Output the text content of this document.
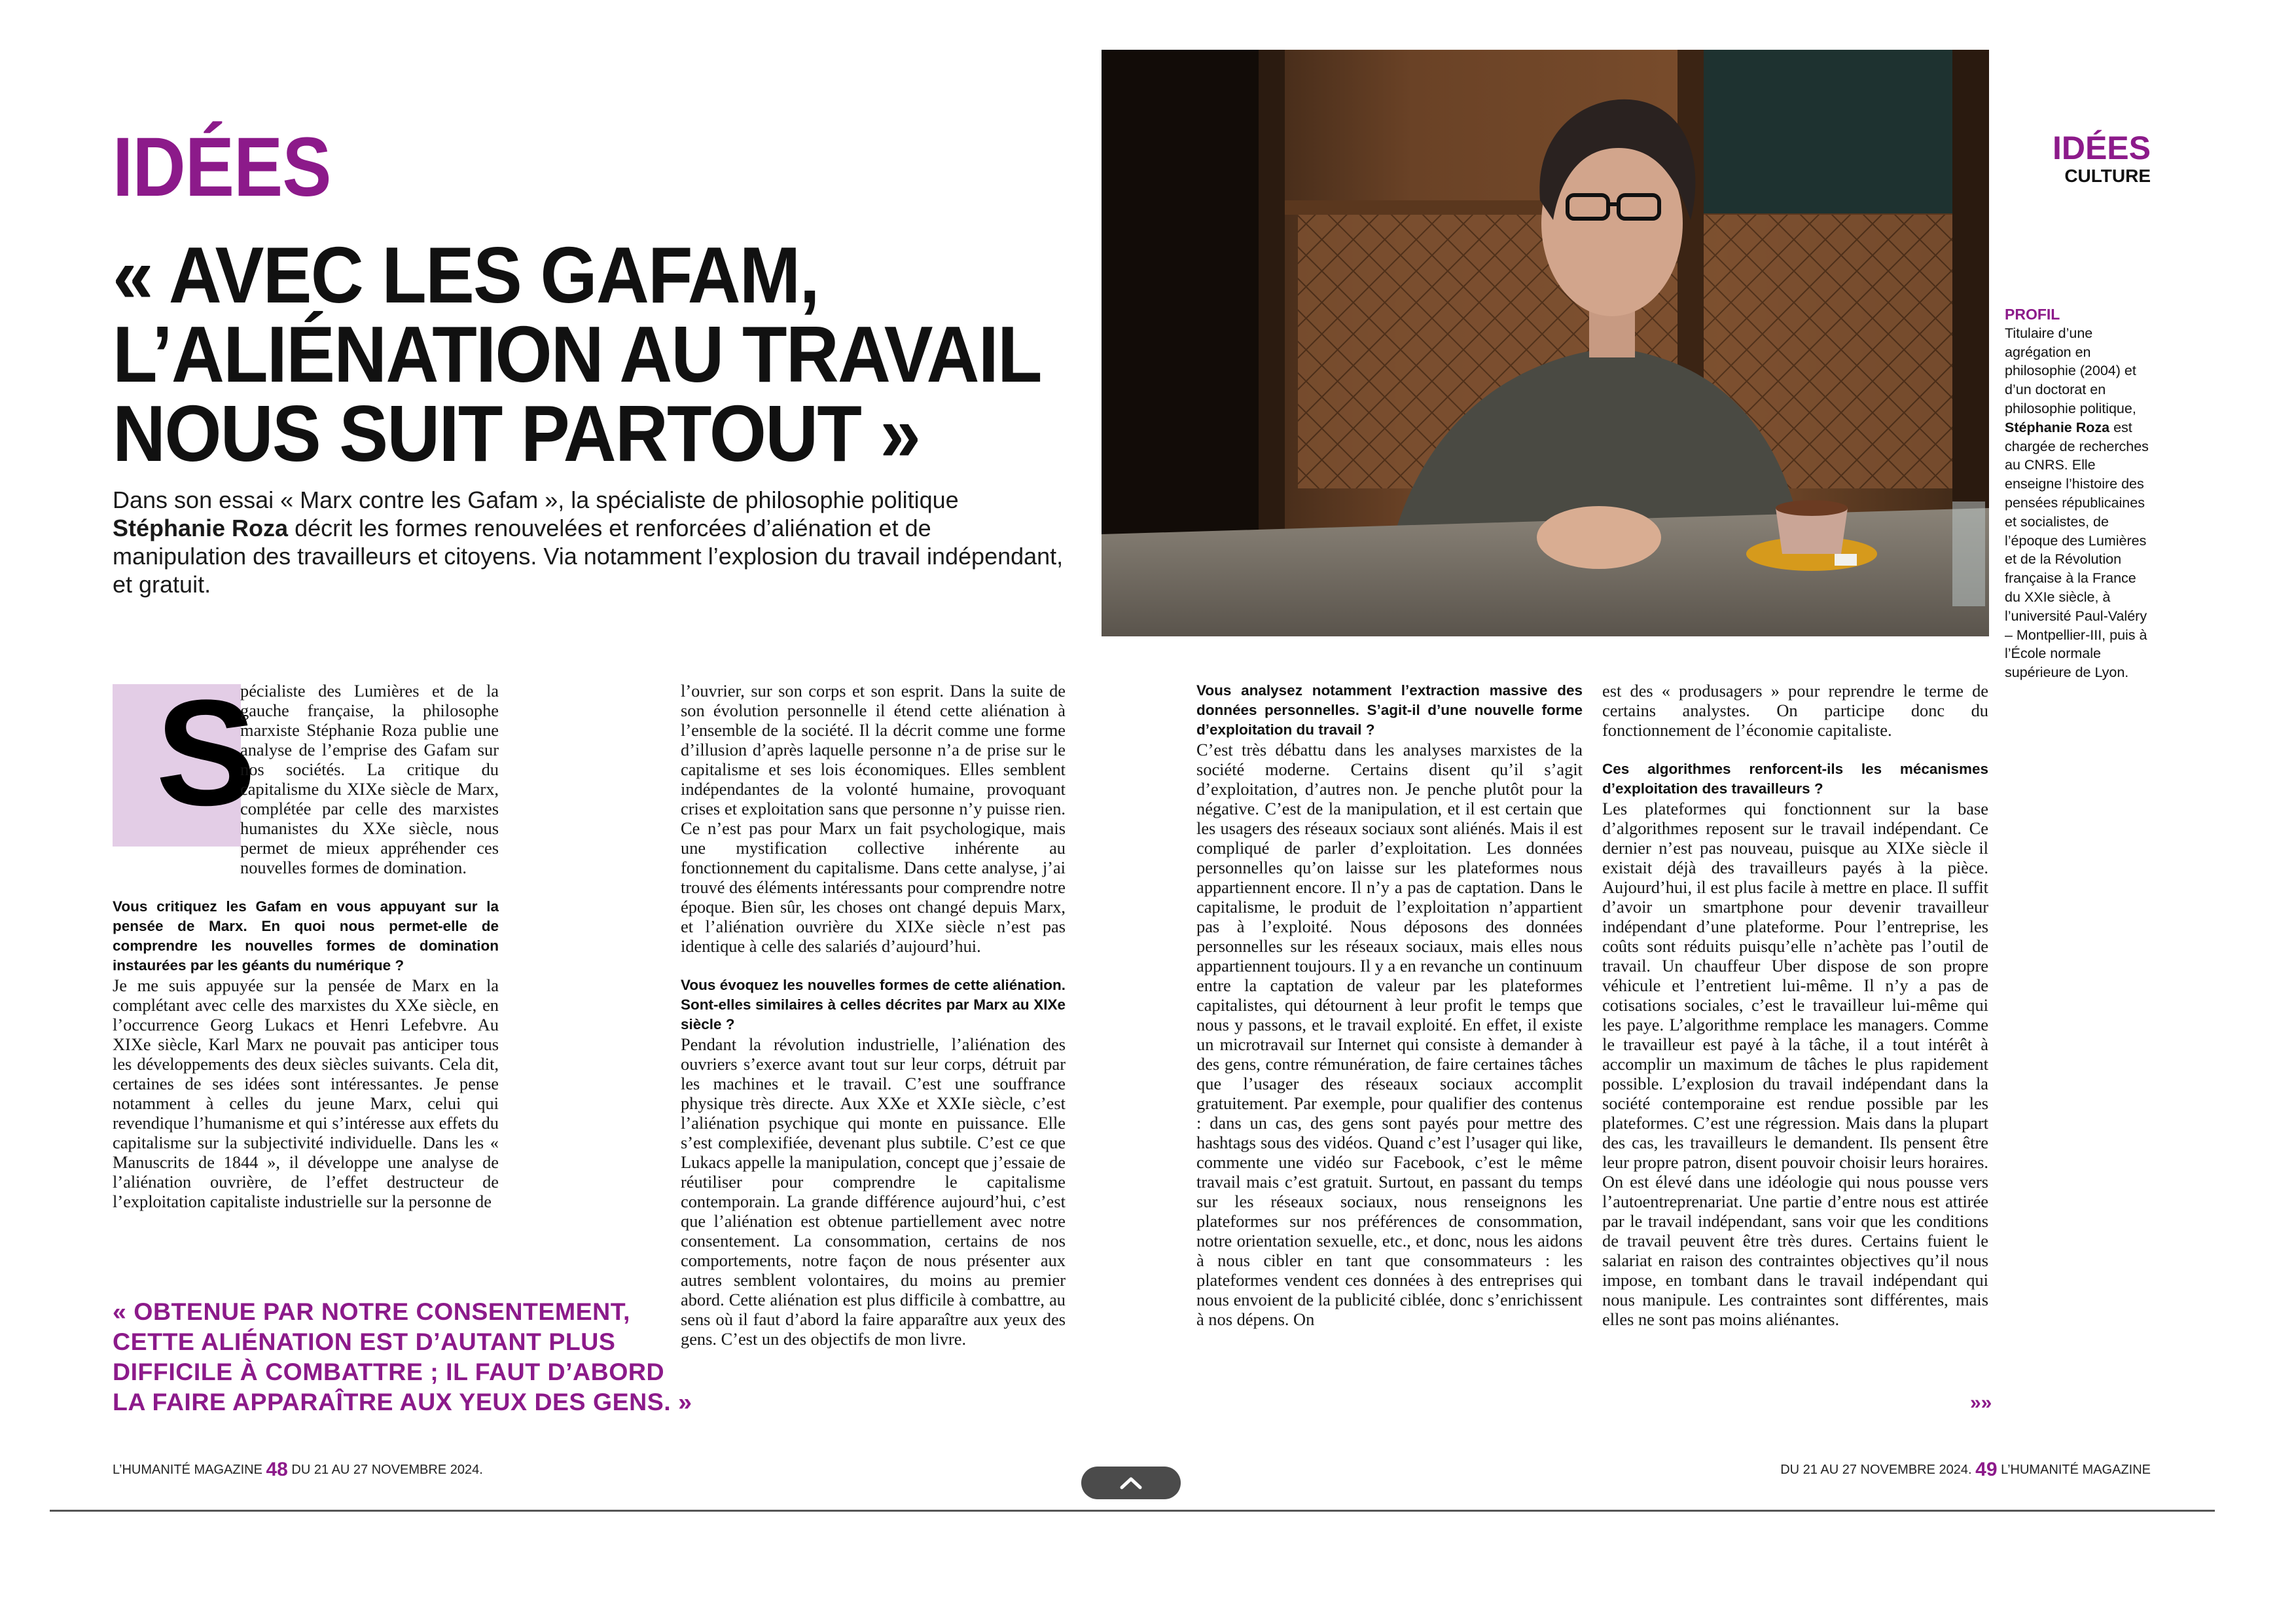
IDÉES
« AVEC LES GAFAM,
L’ALIÉNATION AU TRAVAIL
NOUS SUIT PARTOUT »

Dans son essai « Marx contre les Gafam », la spécialiste de philosophie politique
Stéphanie Roza décrit les formes renouvelées et renforcées d’aliénation et de manipulation des travailleurs et citoyens. Via notamment l’explosion du travail indépendant, et gratuit.

IDÉES
CULTURE
PROFIL
Titulaire d’une agrégation en philosophie (2004) et d’un doctorat en philosophie politique, Stéphanie Roza est chargée de recherches au CNRS. Elle enseigne l’histoire des pensées républicaines et socialistes, de l’époque des Lumières et de la Révolution française à la France du XXIe siècle, à l’université Paul-Valéry – Montpellier-III, puis à l’École normale supérieure de Lyon.
S

pécialiste des Lumières et de la gauche française, la philosophe marxiste Stéphanie Roza publie une analyse de l’emprise des Gafam sur nos sociétés. La critique du capitalisme du XIXe siècle de Marx, complétée par celle des marxistes humanistes du XXe siècle, nous permet de mieux appréhender ces nouvelles formes de domination.

Vous critiquez les Gafam en vous appuyant sur la pensée de Marx. En quoi nous permet-elle de comprendre les nouvelles formes de domination instaurées par les géants du numérique ?

Je me suis appuyée sur la pensée de Marx en la complétant avec celle des marxistes du XXe siècle, en l’occurrence Georg Lukacs et Henri Lefebvre. Au XIXe siècle, Karl Marx ne pouvait pas anticiper tous les développements des deux siècles suivants. Cela dit, certaines de ses idées sont intéressantes. Je pense notamment à celles du jeune Marx, celui qui revendique l’humanisme et qui s’intéresse aux effets du capitalisme sur la subjectivité individuelle. Dans les « Manuscrits de 1844 », il développe une analyse de l’aliénation ouvrière, de l’effet destructeur de l’exploitation capitaliste industrielle sur la personne de

« OBTENUE PAR NOTRE CONSENTEMENT,
CETTE ALIÉNATION EST D’AUTANT PLUS
DIFFICILE À COMBATTRE ; IL FAUT D’ABORD
LA FAIRE APPARAÎTRE AUX YEUX DES GENS. »

l’ouvrier, sur son corps et son esprit. Dans la suite de son évolution personnelle il étend cette aliénation à l’ensemble de la société. Il la décrit comme une forme d’illusion d’après laquelle personne n’a de prise sur le capitalisme et ses lois économiques. Elles semblent indépendantes de la volonté humaine, provoquant crises et exploitation sans que personne n’y puisse rien. Ce n’est pas pour Marx un fait psychologique, mais une mystification collective inhérente au fonctionnement du capitalisme. Dans cette analyse, j’ai trouvé des éléments intéressants pour comprendre notre époque. Bien sûr, les choses ont changé depuis Marx, et l’aliénation ouvrière du XIXe siècle n’est pas identique à celle des salariés d’aujourd’hui.

Vous évoquez les nouvelles formes de cette aliénation. Sont-elles similaires à celles décrites par Marx au XIXe siècle ?

Pendant la révolution industrielle, l’aliénation des ouvriers s’exerce avant tout sur leur corps, détruit par les machines et le travail. C’est une souffrance physique très directe. Aux XXe et XXIe siècle, c’est l’aliénation psychique qui monte en puissance. Elle s’est complexifiée, devenant plus subtile. C’est ce que Lukacs appelle la manipulation, concept que j’essaie de réutiliser pour comprendre le capitalisme contemporain. La grande différence aujourd’hui, c’est que l’aliénation est obtenue partiellement avec notre consentement. La consommation, certains de nos comportements, notre façon de nous présenter aux autres semblent volontaires, du moins au premier abord. Cette aliénation est plus difficile à combattre, au sens où il faut d’abord la faire apparaître aux yeux des gens. C’est un des objectifs de mon livre.

Vous analysez notamment l’extraction massive des données personnelles. S’agit-il d’une nouvelle forme d’exploitation du travail ?

C’est très débattu dans les analyses marxistes de la société moderne. Certains disent qu’il s’agit d’exploitation, d’autres non. Je penche plutôt pour la négative. C’est de la manipulation, et il est certain que les usagers des réseaux sociaux sont aliénés. Mais il est compliqué de parler d’exploitation. Les données personnelles qu’on laisse sur les plateformes nous appartiennent encore. Il n’y a pas de captation. Dans le capitalisme, le produit de l’exploitation n’appartient pas à l’exploité. Nous déposons des données personnelles sur les réseaux sociaux, mais elles nous appartiennent toujours. Il y a en revanche un continuum entre la captation de valeur par les plateformes capitalistes, qui détournent à leur profit le temps que nous y passons, et le travail exploité. En effet, il existe un microtravail sur Internet qui consiste à demander à des gens, contre rémunération, de faire certaines tâches que l’usager des réseaux sociaux accomplit gratuitement. Par exemple, pour qualifier des contenus : dans un cas, des gens sont payés pour mettre des hashtags sous des vidéos. Quand c’est l’usager qui like, commente une vidéo sur Facebook, c’est le même travail mais c’est gratuit. Surtout, en passant du temps sur les réseaux sociaux, nous renseignons les plateformes sur nos préférences de consommation, notre orientation sexuelle, etc., et donc, nous les aidons à nous cibler en tant que consommateurs : les plateformes vendent ces données à des entreprises qui nous envoient de la publicité ciblée, donc s’enrichissent à nos dépens. On

est des « produsagers » pour reprendre le terme de certains analystes. On participe donc du fonctionnement de l’économie capitaliste.

Ces algorithmes renforcent-ils les mécanismes d’exploitation des travailleurs ?

Les plateformes qui fonctionnent sur la base d’algorithmes reposent sur le travail indépendant. Ce dernier n’est pas nouveau, puisque au XIXe siècle il existait déjà des travailleurs payés à la pièce. Aujourd’hui, il est plus facile à mettre en place. Il suffit d’avoir un smartphone pour devenir travailleur indépendant d’une plateforme. Pour l’entreprise, les coûts sont réduits puisqu’elle n’achète pas l’outil de travail. Un chauffeur Uber dispose de son propre véhicule et l’entretient lui-même. Il n’y a pas de cotisations sociales, c’est le travailleur lui-même qui les paye. L’algorithme remplace les managers. Comme le travailleur est payé à la tâche, il a tout intérêt à accomplir un maximum de tâches le plus rapidement possible. L’explosion du travail indépendant dans la société contemporaine est rendue possible par les plateformes. C’est une régression. Mais dans la plupart des cas, les travailleurs le demandent. Ils pensent être leur propre patron, disent pouvoir choisir leurs horaires. On est élevé dans une idéologie qui nous pousse vers l’autoentreprenariat. Une partie d’entre nous est attirée par le travail indépendant, sans voir que les conditions de travail peuvent être très dures. Certains fuient le salariat en raison des contraintes objectives qu’il nous impose, en tombant dans le travail indépendant qui nous manipule. Les contraintes sont différentes, mais elles ne sont pas moins aliénantes.

»»
L’HUMANITÉ MAGAZINE 48 DU 21 AU 27 NOVEMBRE 2024.	DU 21 AU 27 NOVEMBRE 2024. 49 L’HUMANITÉ MAGAZINE
